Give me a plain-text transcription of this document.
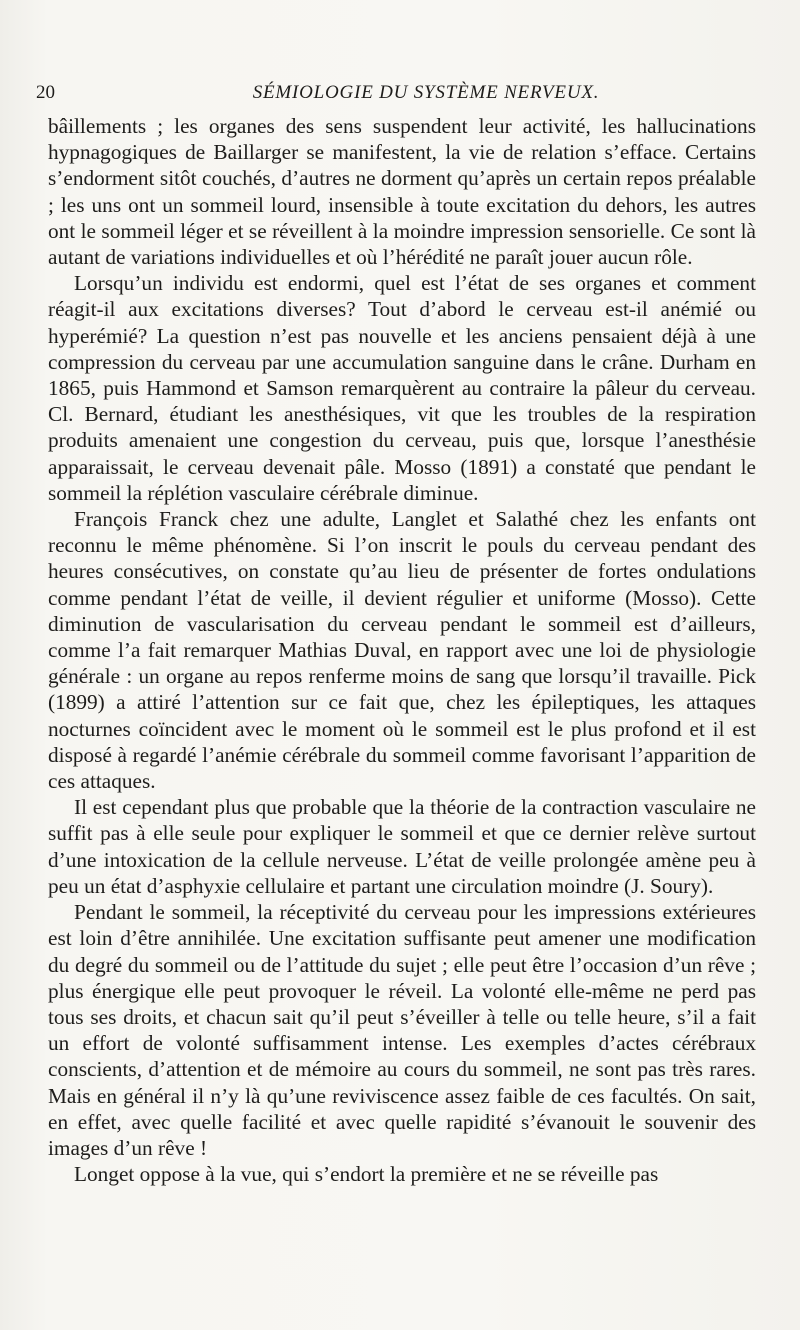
20	SÉMIOLOGIE DU SYSTÈME NERVEUX.

bâillements ; les organes des sens suspendent leur activité, les hallucinations hypnagogiques de Baillarger se manifestent, la vie de relation s’efface. Certains s’endorment sitôt couchés, d’autres ne dorment qu’après un certain repos préalable ; les uns ont un sommeil lourd, insensible à toute excitation du dehors, les autres ont le sommeil léger et se réveillent à la moindre impression sensorielle. Ce sont là autant de variations individuelles et où l’hérédité ne paraît jouer aucun rôle.

Lorsqu’un individu est endormi, quel est l’état de ses organes et comment réagit-il aux excitations diverses? Tout d’abord le cerveau est-il anémié ou hyperémié? La question n’est pas nouvelle et les anciens pensaient déjà à une compression du cerveau par une accumulation sanguine dans le crâne. Durham en 1865, puis Hammond et Samson remarquèrent au contraire la pâleur du cerveau. Cl. Bernard, étudiant les anesthésiques, vit que les troubles de la respiration produits amenaient une congestion du cerveau, puis que, lorsque l’anesthésie apparaissait, le cerveau devenait pâle. Mosso (1891) a constaté que pendant le sommeil la réplétion vasculaire cérébrale diminue.

François Franck chez une adulte, Langlet et Salathé chez les enfants ont reconnu le même phénomène. Si l’on inscrit le pouls du cerveau pendant des heures consécutives, on constate qu’au lieu de présenter de fortes ondulations comme pendant l’état de veille, il devient régulier et uniforme (Mosso). Cette diminution de vascularisation du cerveau pendant le sommeil est d’ailleurs, comme l’a fait remarquer Mathias Duval, en rapport avec une loi de physiologie générale : un organe au repos renferme moins de sang que lorsqu’il travaille. Pick (1899) a attiré l’attention sur ce fait que, chez les épileptiques, les attaques nocturnes coïncident avec le moment où le sommeil est le plus profond et il est disposé à regardé l’anémie cérébrale du sommeil comme favorisant l’apparition de ces attaques.

Il est cependant plus que probable que la théorie de la contraction vasculaire ne suffit pas à elle seule pour expliquer le sommeil et que ce dernier relève surtout d’une intoxication de la cellule nerveuse. L’état de veille prolongée amène peu à peu un état d’asphyxie cellulaire et partant une circulation moindre (J. Soury).

Pendant le sommeil, la réceptivité du cerveau pour les impressions extérieures est loin d’être annihilée. Une excitation suffisante peut amener une modification du degré du sommeil ou de l’attitude du sujet ; elle peut être l’occasion d’un rêve ; plus énergique elle peut provoquer le réveil. La volonté elle-même ne perd pas tous ses droits, et chacun sait qu’il peut s’éveiller à telle ou telle heure, s’il a fait un effort de volonté suffisamment intense. Les exemples d’actes cérébraux conscients, d’attention et de mémoire au cours du sommeil, ne sont pas très rares. Mais en général il n’y là qu’une reviviscence assez faible de ces facultés. On sait, en effet, avec quelle facilité et avec quelle rapidité s’évanouit le souvenir des images d’un rêve !

Longet oppose à la vue, qui s’endort la première et ne se réveille pas
